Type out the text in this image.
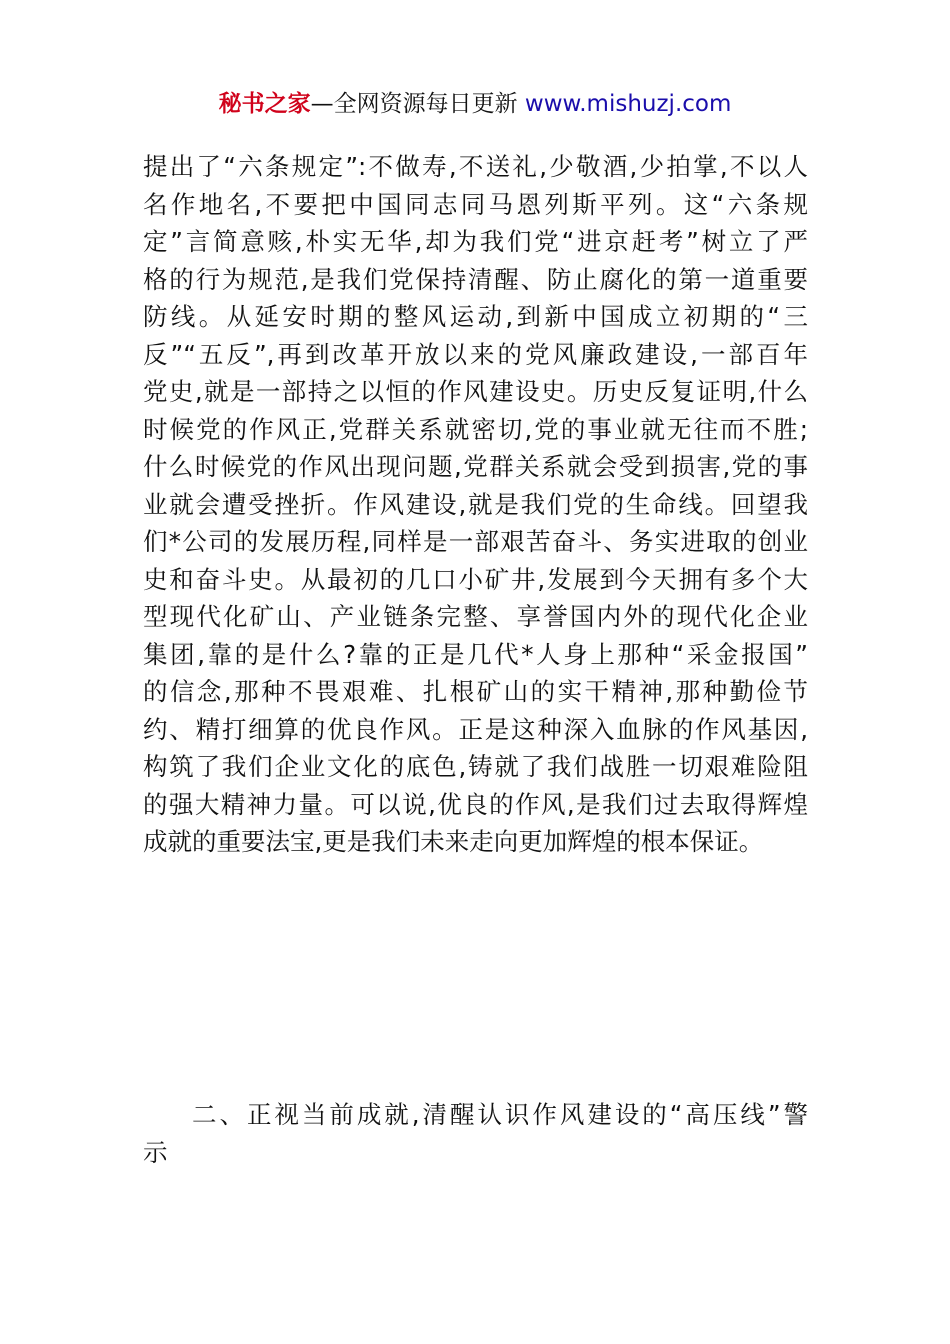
秘书之家—全网资源每日更新 www.mishuzj.com
提出了“六条规定”:不做寿,不送礼,少敬酒,少拍掌,不以人
名作地名,不要把中国同志同马恩列斯平列。这“六条规
定”言简意赅,朴实无华,却为我们党“进京赶考”树立了严
格的行为规范,是我们党保持清醒、防止腐化的第一道重要
防线。从延安时期的整风运动,到新中国成立初期的“三
反”“五反”,再到改革开放以来的党风廉政建设,一部百年
党史,就是一部持之以恒的作风建设史。历史反复证明,什么
时候党的作风正,党群关系就密切,党的事业就无往而不胜;
什么时候党的作风出现问题,党群关系就会受到损害,党的事
业就会遭受挫折。作风建设,就是我们党的生命线。回望我
们*公司的发展历程,同样是一部艰苦奋斗、务实进取的创业
史和奋斗史。从最初的几口小矿井,发展到今天拥有多个大
型现代化矿山、产业链条完整、享誉国内外的现代化企业
集团,靠的是什么?靠的正是几代*人身上那种“采金报国”
的信念,那种不畏艰难、扎根矿山的实干精神,那种勤俭节
约、精打细算的优良作风。正是这种深入血脉的作风基因,
构筑了我们企业文化的底色,铸就了我们战胜一切艰难险阻
的强大精神力量。可以说,优良的作风,是我们过去取得辉煌
成就的重要法宝,更是我们未来走向更加辉煌的根本保证。
二、正视当前成就,清醒认识作风建设的“高压线”警
示
